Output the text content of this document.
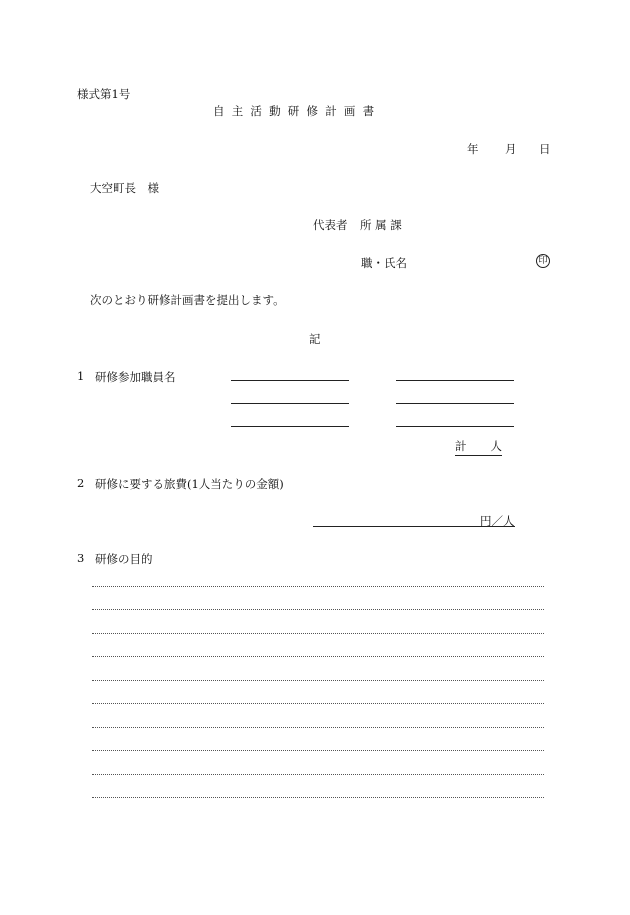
様式第1号
自主活動研修計画書
年 月 日
大空町長　様
代表者 所 属 課
職・氏名	印
次のとおり研修計画書を提出します。
記
1 研修参加職員名
計 人
2 研修に要する旅費(1人当たりの金額)
円／人
3 研修の目的
